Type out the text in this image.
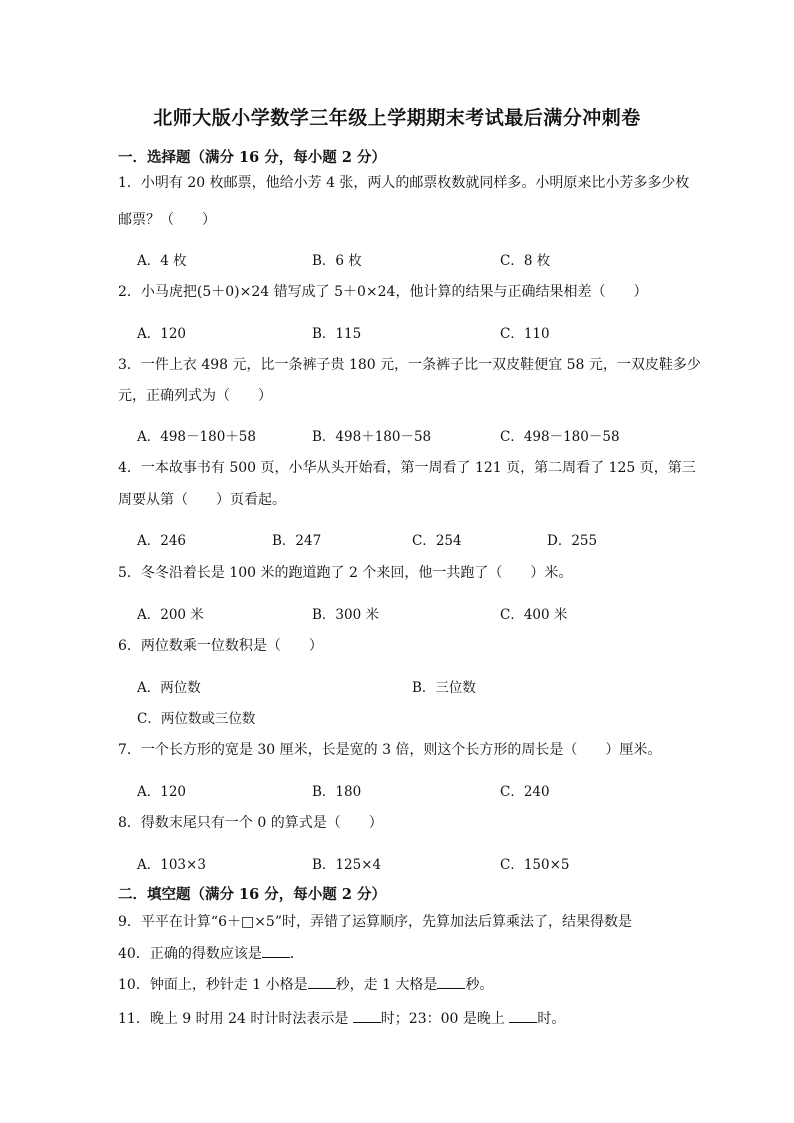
北师大版小学数学三年级上学期期末考试最后满分冲刺卷
一．选择题（满分 16 分，每小题 2 分）
1．小明有 20 枚邮票，他给小芳 4 张，两人的邮票枚数就同样多。小明原来比小芳多多少枚
邮票？（　　）
A．4 枚	B．6 枚	C．8 枚
2．小马虎把(5＋0)×24 错写成了 5＋0×24，他计算的结果与正确结果相差（　　）
A．120	B．115	C．110
3．一件上衣 498 元，比一条裤子贵 180 元，一条裤子比一双皮鞋便宜 58 元，一双皮鞋多少
元，正确列式为（　　）
A．498－180＋58	B．498＋180－58	C．498－180－58
4．一本故事书有 500 页，小华从头开始看，第一周看了 121 页，第二周看了 125 页，第三
周要从第（　　）页看起。
A．246	B．247	C．254	D．255
5．冬冬沿着长是 100 米的跑道跑了 2 个来回，他一共跑了（　　）米。
A．200 米	B．300 米	C．400 米
6．两位数乘一位数积是（　　）
A．两位数	B．三位数
C．两位数或三位数
7．一个长方形的宽是 30 厘米，长是宽的 3 倍，则这个长方形的周长是（　　）厘米。
A．120	B．180	C．240
8．得数末尾只有一个 0 的算式是（　　）
A．103×3	B．125×4	C．150×5
二．填空题（满分 16 分，每小题 2 分）
9．平平在计算“6＋□×5”时，弄错了运算顺序，先算加法后算乘法了，结果得数是
40．正确的得数应该是 ．
10．钟面上，秒针走 1 小格是 秒，走 1 大格是 秒。
11．晚上 9 时用 24 时计时法表示是 时；23：00 是晚上 时。
